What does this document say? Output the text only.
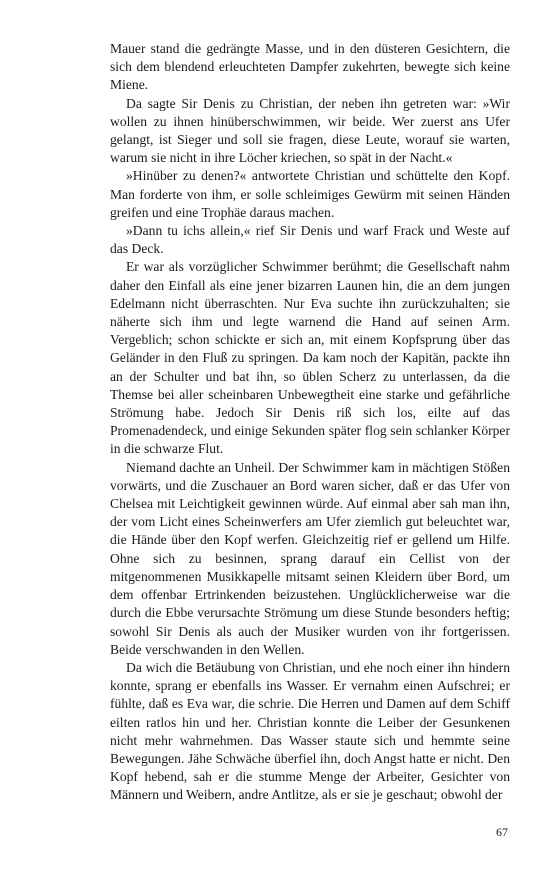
Mauer stand die gedrängte Masse, und in den düsteren Gesichtern, die sich dem blendend erleuchteten Dampfer zukehrten, bewegte sich keine Miene.

Da sagte Sir Denis zu Christian, der neben ihn getreten war: »Wir wollen zu ihnen hinüberschwimmen, wir beide. Wer zuerst ans Ufer gelangt, ist Sieger und soll sie fragen, diese Leute, worauf sie warten, warum sie nicht in ihre Löcher kriechen, so spät in der Nacht.«

»Hinüber zu denen?« antwortete Christian und schüttelte den Kopf. Man forderte von ihm, er solle schleimiges Gewürm mit seinen Händen greifen und eine Trophäe daraus machen.

»Dann tu ichs allein,« rief Sir Denis und warf Frack und Weste auf das Deck.

Er war als vorzüglicher Schwimmer berühmt; die Gesellschaft nahm daher den Einfall als eine jener bizarren Launen hin, die an dem jungen Edelmann nicht überraschten. Nur Eva suchte ihn zurückzuhalten; sie näherte sich ihm und legte warnend die Hand auf seinen Arm. Vergeblich; schon schickte er sich an, mit einem Kopfsprung über das Geländer in den Fluß zu springen. Da kam noch der Kapitän, packte ihn an der Schulter und bat ihn, so üblen Scherz zu unterlassen, da die Themse bei aller scheinbaren Unbewegtheit eine starke und gefährliche Strömung habe. Jedoch Sir Denis riß sich los, eilte auf das Promenadendeck, und einige Sekunden später flog sein schlanker Körper in die schwarze Flut.

Niemand dachte an Unheil. Der Schwimmer kam in mächtigen Stößen vorwärts, und die Zuschauer an Bord waren sicher, daß er das Ufer von Chelsea mit Leichtigkeit gewinnen würde. Auf einmal aber sah man ihn, der vom Licht eines Scheinwerfers am Ufer ziemlich gut beleuchtet war, die Hände über den Kopf werfen. Gleichzeitig rief er gellend um Hilfe. Ohne sich zu besinnen, sprang darauf ein Cellist von der mitgenommenen Musikkapelle mitsamt seinen Kleidern über Bord, um dem offenbar Ertrinkenden beizustehen. Unglücklicherweise war die durch die Ebbe verursachte Strömung um diese Stunde besonders heftig; sowohl Sir Denis als auch der Musiker wurden von ihr fortgerissen. Beide verschwanden in den Wellen.

Da wich die Betäubung von Christian, und ehe noch einer ihn hindern konnte, sprang er ebenfalls ins Wasser. Er vernahm einen Aufschrei; er fühlte, daß es Eva war, die schrie. Die Herren und Damen auf dem Schiff eilten ratlos hin und her. Christian konnte die Leiber der Gesunkenen nicht mehr wahrnehmen. Das Wasser staute sich und hemmte seine Bewegungen. Jähe Schwäche überfiel ihn, doch Angst hatte er nicht. Den Kopf hebend, sah er die stumme Menge der Arbeiter, Gesichter von Männern und Weibern, andre Antlitze, als er sie je geschaut; obwohl der

67
